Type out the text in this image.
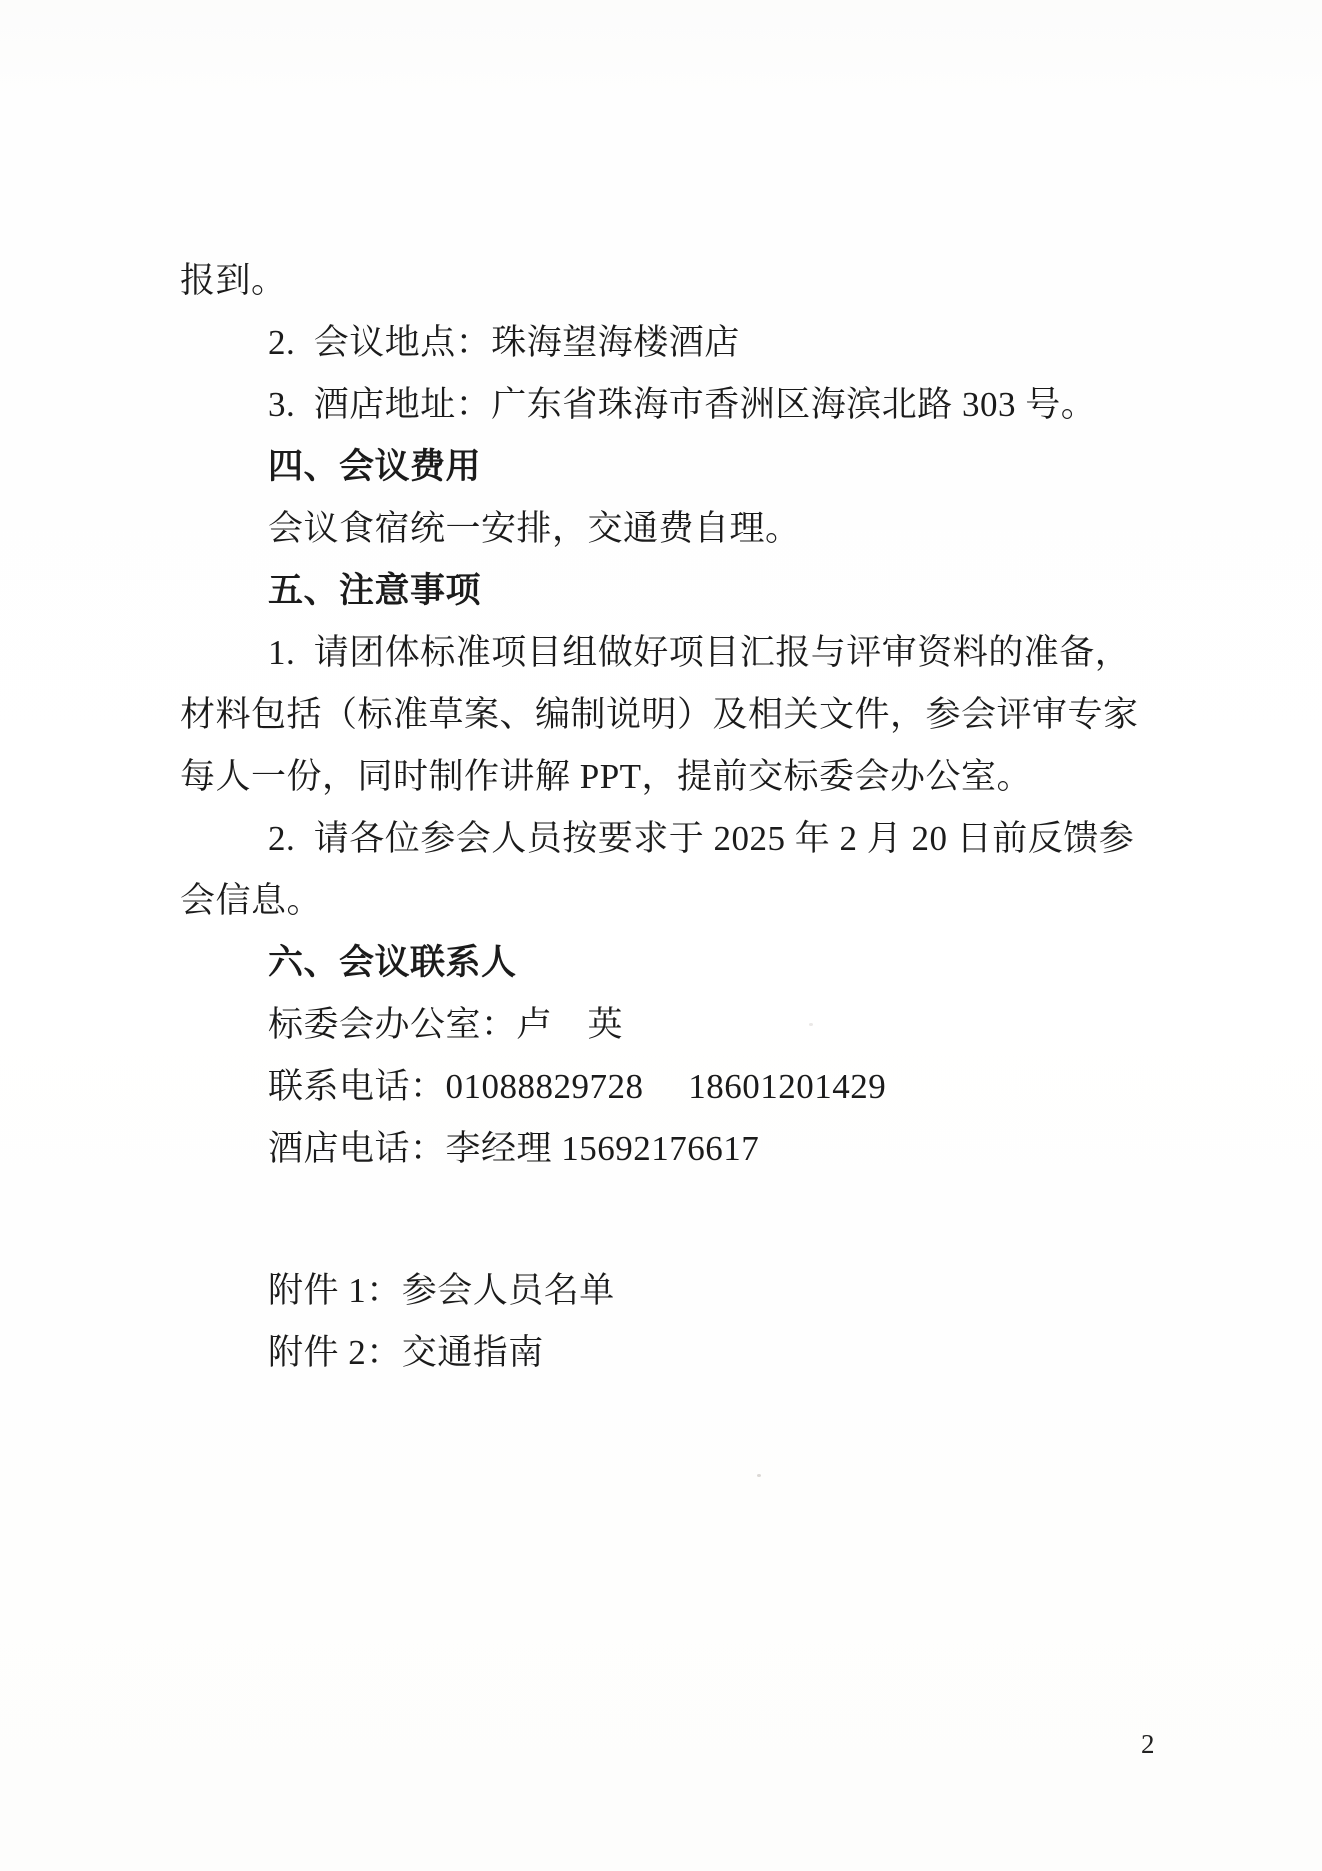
报到。

2.  会议地点：珠海望海楼酒店

3.  酒店地址：广东省珠海市香洲区海滨北路 303 号。

四、会议费用

会议食宿统一安排，交通费自理。

五、注意事项

1.  请团体标准项目组做好项目汇报与评审资料的准备，

材料包括（标准草案、编制说明）及相关文件，参会评审专家

每人一份，同时制作讲解 PPT，提前交标委会办公室。

2.  请各位参会人员按要求于 2025 年 2 月 20 日前反馈参

会信息。

六、会议联系人

标委会办公室：卢　英

联系电话：01088829728　 18601201429

酒店电话：李经理 15692176617

附件 1：参会人员名单

附件 2：交通指南

2
